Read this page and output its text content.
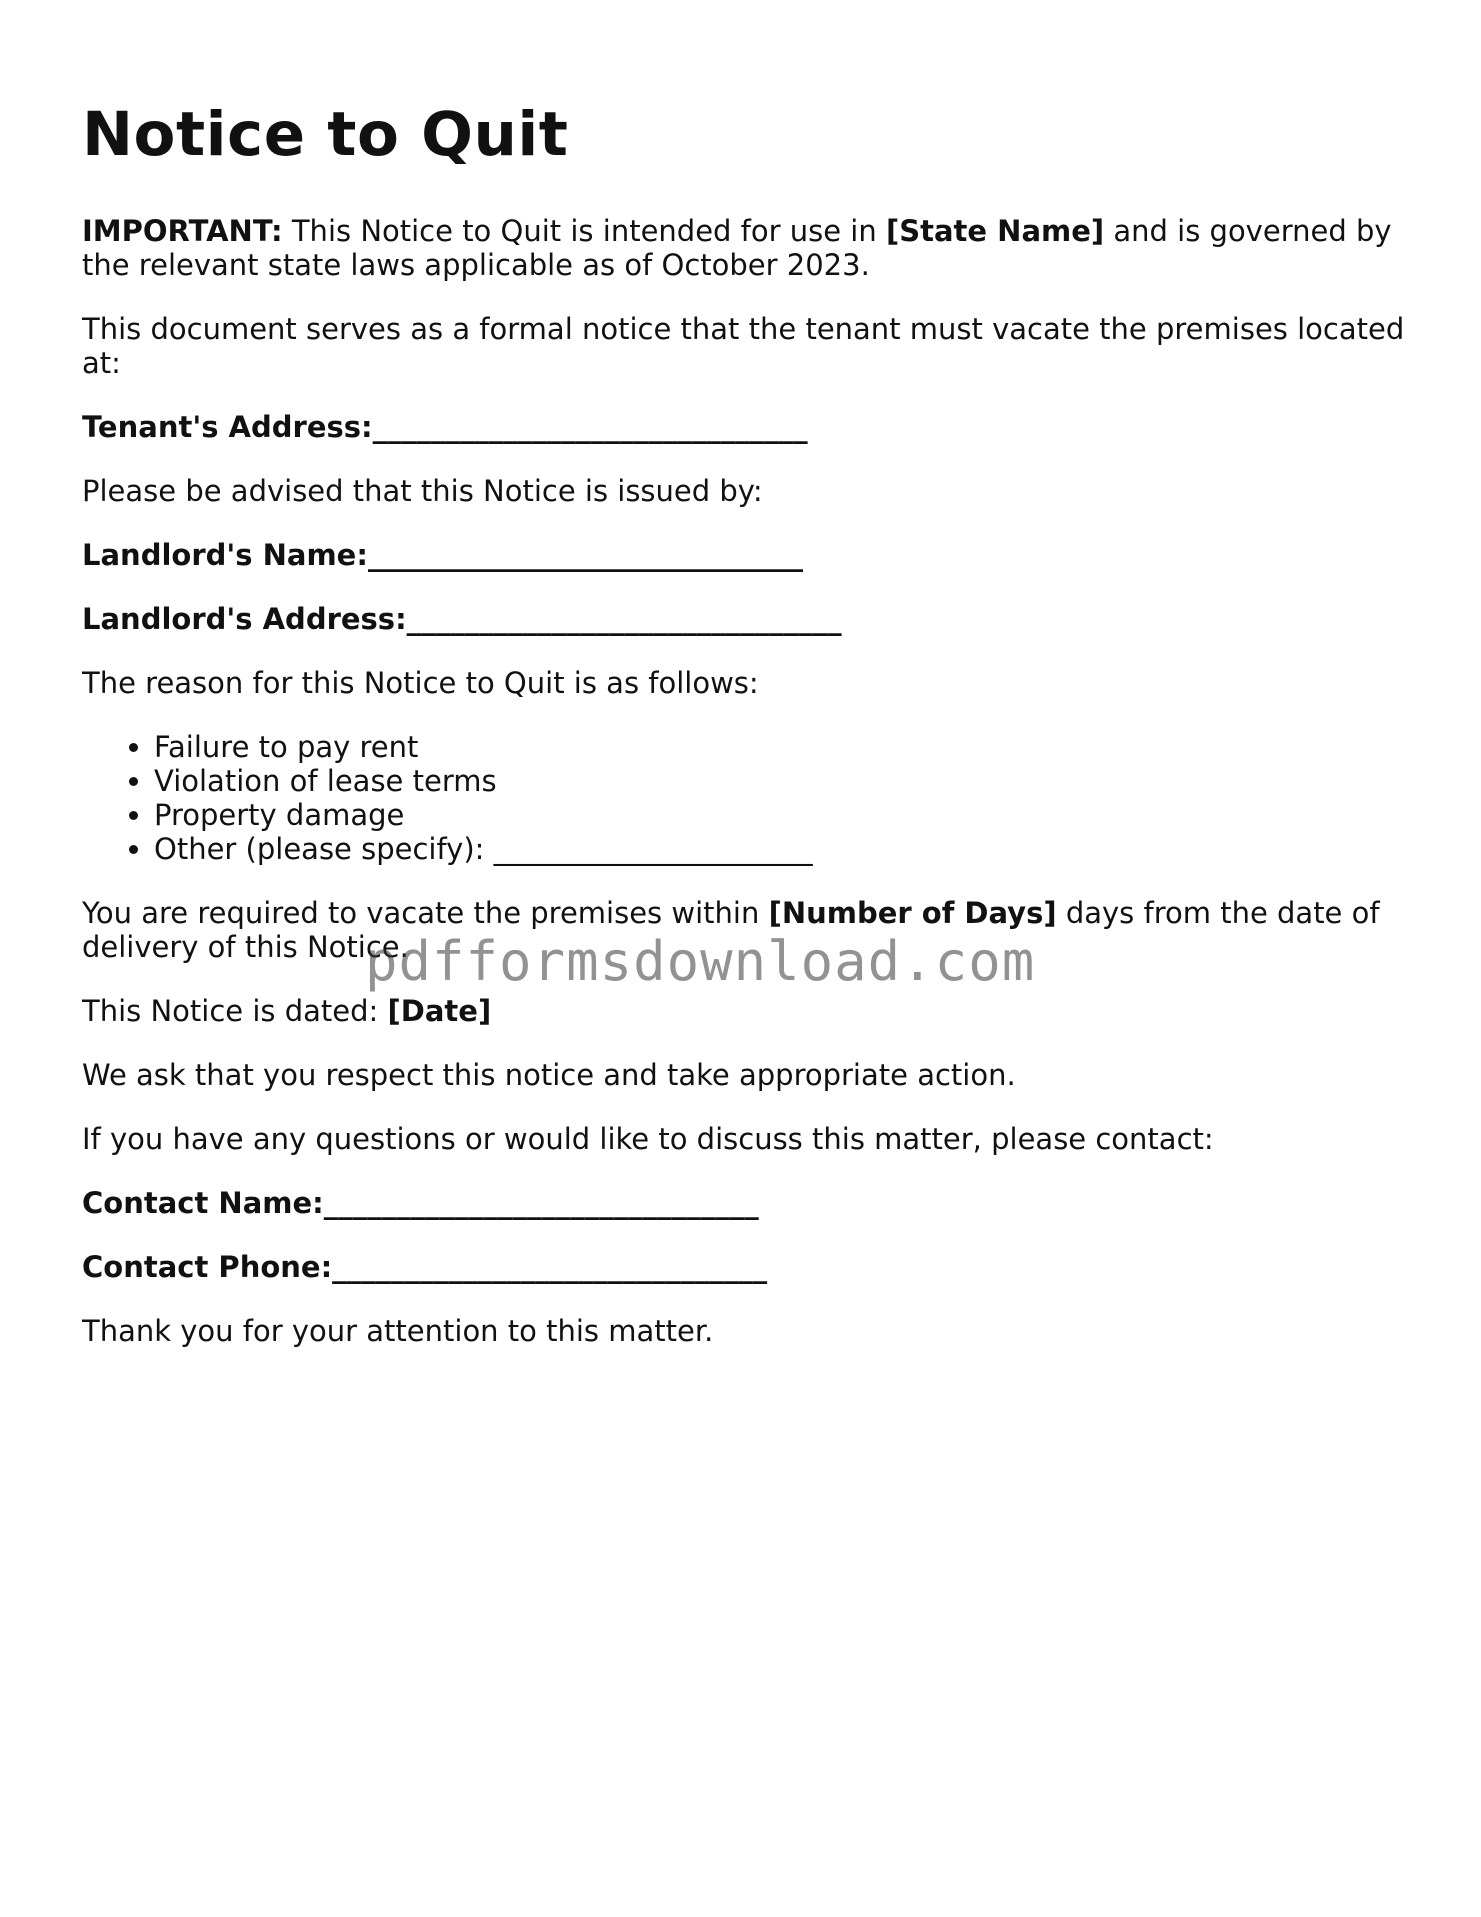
Notice to Quit

IMPORTANT: This Notice to Quit is intended for use in [State Name] and is governed by the relevant state laws applicable as of October 2023.

This document serves as a formal notice that the tenant must vacate the premises located at:

Tenant's Address:______________________________

Please be advised that this Notice is issued by:

Landlord's Name:______________________________

Landlord's Address:______________________________

The reason for this Notice to Quit is as follows:

• Failure to pay rent
• Violation of lease terms
• Property damage
• Other (please specify): ______________________

You are required to vacate the premises within [Number of Days] days from the date of delivery of this Notice.

This Notice is dated: [Date]

We ask that you respect this notice and take appropriate action.

If you have any questions or would like to discuss this matter, please contact:

Contact Name:______________________________

Contact Phone:______________________________

Thank you for your attention to this matter.

pdfformsdownload.com
